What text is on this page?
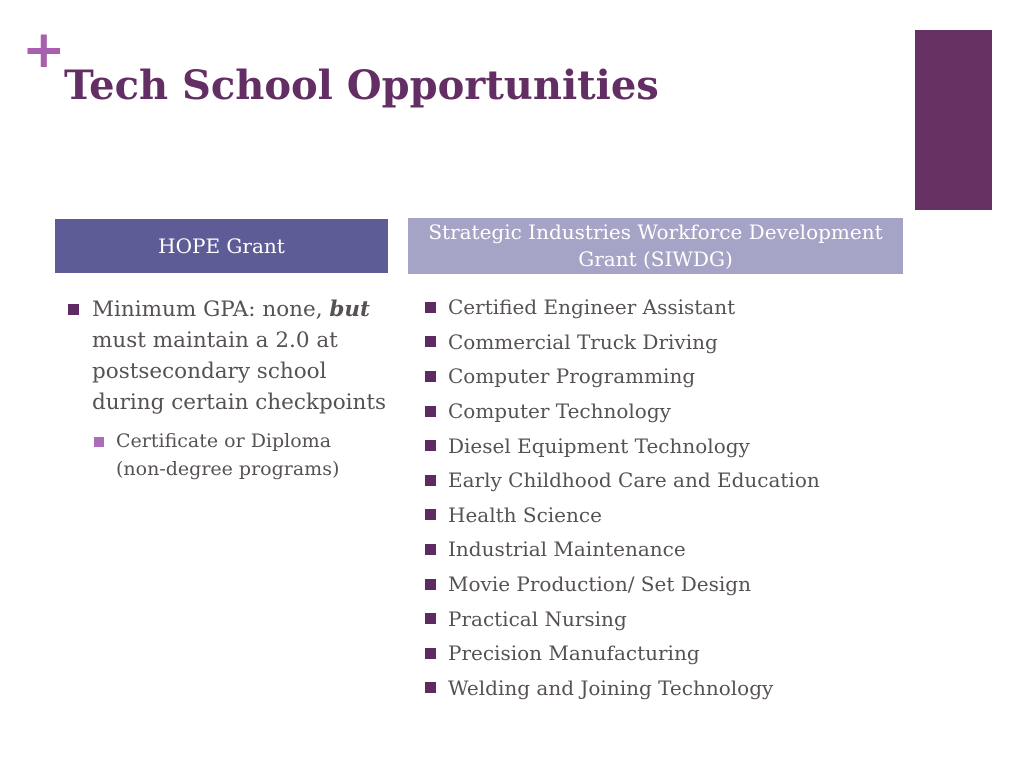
+
Tech School Opportunities
HOPE Grant
Strategic Industries Workforce Development Grant (SIWDG)
Minimum GPA: none, but must maintain a 2.0 at postsecondary school during certain checkpoints
Certificate or Diploma (non-degree programs)
Certified Engineer Assistant
Commercial Truck Driving
Computer Programming
Computer Technology
Diesel Equipment Technology
Early Childhood Care and Education
Health Science
Industrial Maintenance
Movie Production/ Set Design
Practical Nursing
Precision Manufacturing
Welding and Joining Technology
